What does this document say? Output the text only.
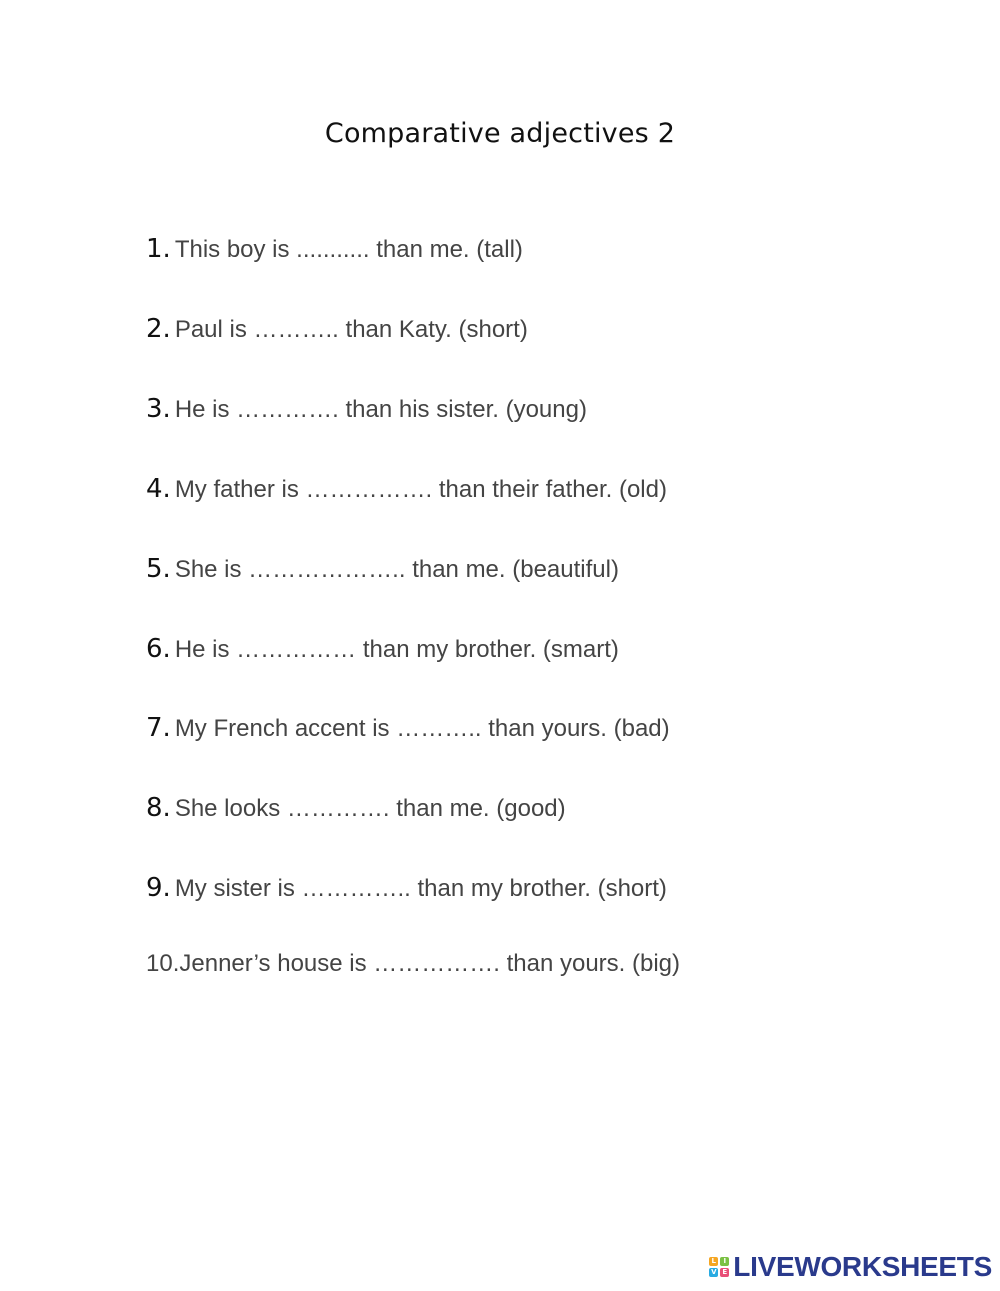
Comparative adjectives 2
1. This boy is ........... than me. (tall)
2. Paul is ……….. than Katy. (short)
3. He is …………. than his sister. (young)
4. My father is ……………. than their father. (old)
5. She is ……………….. than me. (beautiful)
6. He is …………… than my brother. (smart)
7. My French accent is ……….. than yours. (bad)
8. She looks …………. than me. (good)
9. My sister is ………….. than my brother. (short)
10.Jenner’s house is ……………. than yours. (big)
L	I
V E LIVEWORKSHEETS
